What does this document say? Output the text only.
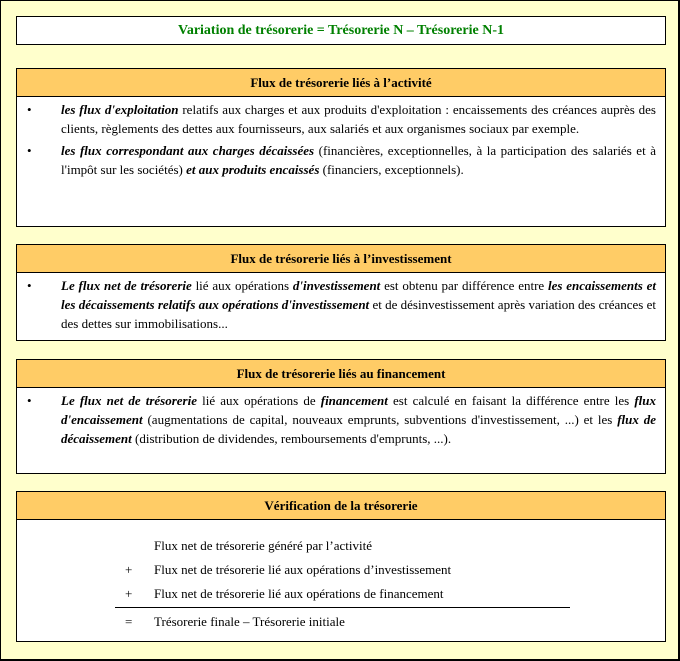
Variation de trésorerie = Trésorerie N – Trésorerie N-1
Flux de trésorerie liés à l’activité
• les flux d'exploitation relatifs aux charges et aux produits d'exploitation : encaissements des créances auprès des clients, règlements des dettes aux fournisseurs, aux salariés et aux organismes sociaux par exemple.
• les flux correspondant aux charges décaissées (financières, exceptionnelles, à la participation des salariés et à l'impôt sur les sociétés) et aux produits encaissés (financiers, exceptionnels).
Flux de trésorerie liés à l’investissement
• Le flux net de trésorerie lié aux opérations d'investissement est obtenu par différence entre les encaissements et les décaissements relatifs aux opérations d'investissement et de désinvestissement après variation des créances et des dettes sur immobilisations...
Flux de trésorerie liés au financement
• Le flux net de trésorerie lié aux opérations de financement est calculé en faisant la différence entre les flux d'encaissement (augmentations de capital, nouveaux emprunts, subventions d'investissement, ...) et les flux de décaissement (distribution de dividendes, remboursements d'emprunts, ...).
Vérification de la trésorerie
Flux net de trésorerie généré par l’activité
+	Flux net de trésorerie lié aux opérations d’investissement
+	Flux net de trésorerie lié aux opérations de financement
=	Trésorerie finale – Trésorerie initiale
